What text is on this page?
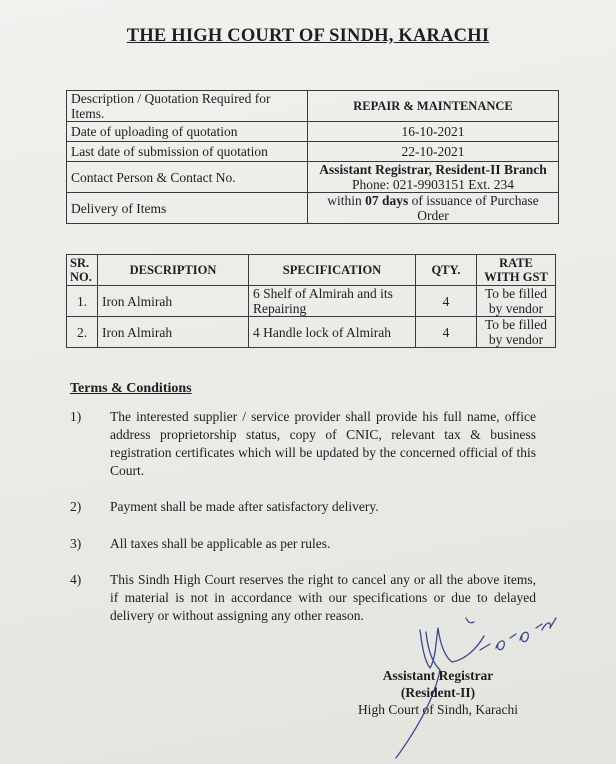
THE HIGH COURT OF SINDH, KARACHI
Description / Quotation Required for Items.	REPAIR & MAINTENANCE
Date of uploading of quotation	16-10-2021
Last date of submission of quotation	22-10-2021
Contact Person & Contact No.	Assistant Registrar, Resident-II Branch
Phone: 021-9903151 Ext. 234

Delivery of Items	within 07 days of issuance of Purchase Order
SR. NO.	DESCRIPTION	SPECIFICATION	QTY.	RATE WITH GST
1.	Iron Almirah	6 Shelf of Almirah and its Repairing	4	To be filled by vendor
2.	Iron Almirah	4 Handle lock of Almirah	4	To be filled by vendor
Terms & Conditions
1) The interested supplier / service provider shall provide his full name, office address proprietorship status, copy of CNIC, relevant tax & business registration certificates which will be updated by the concerned official of this Court.
2) Payment shall be made after satisfactory delivery.
3) All taxes shall be applicable as per rules.
4) This Sindh High Court reserves the right to cancel any or all the above items, if material is not in accordance with our specifications or due to delayed delivery or without assigning any other reason.
Assistant Registrar
(Resident-II)
High Court of Sindh, Karachi
